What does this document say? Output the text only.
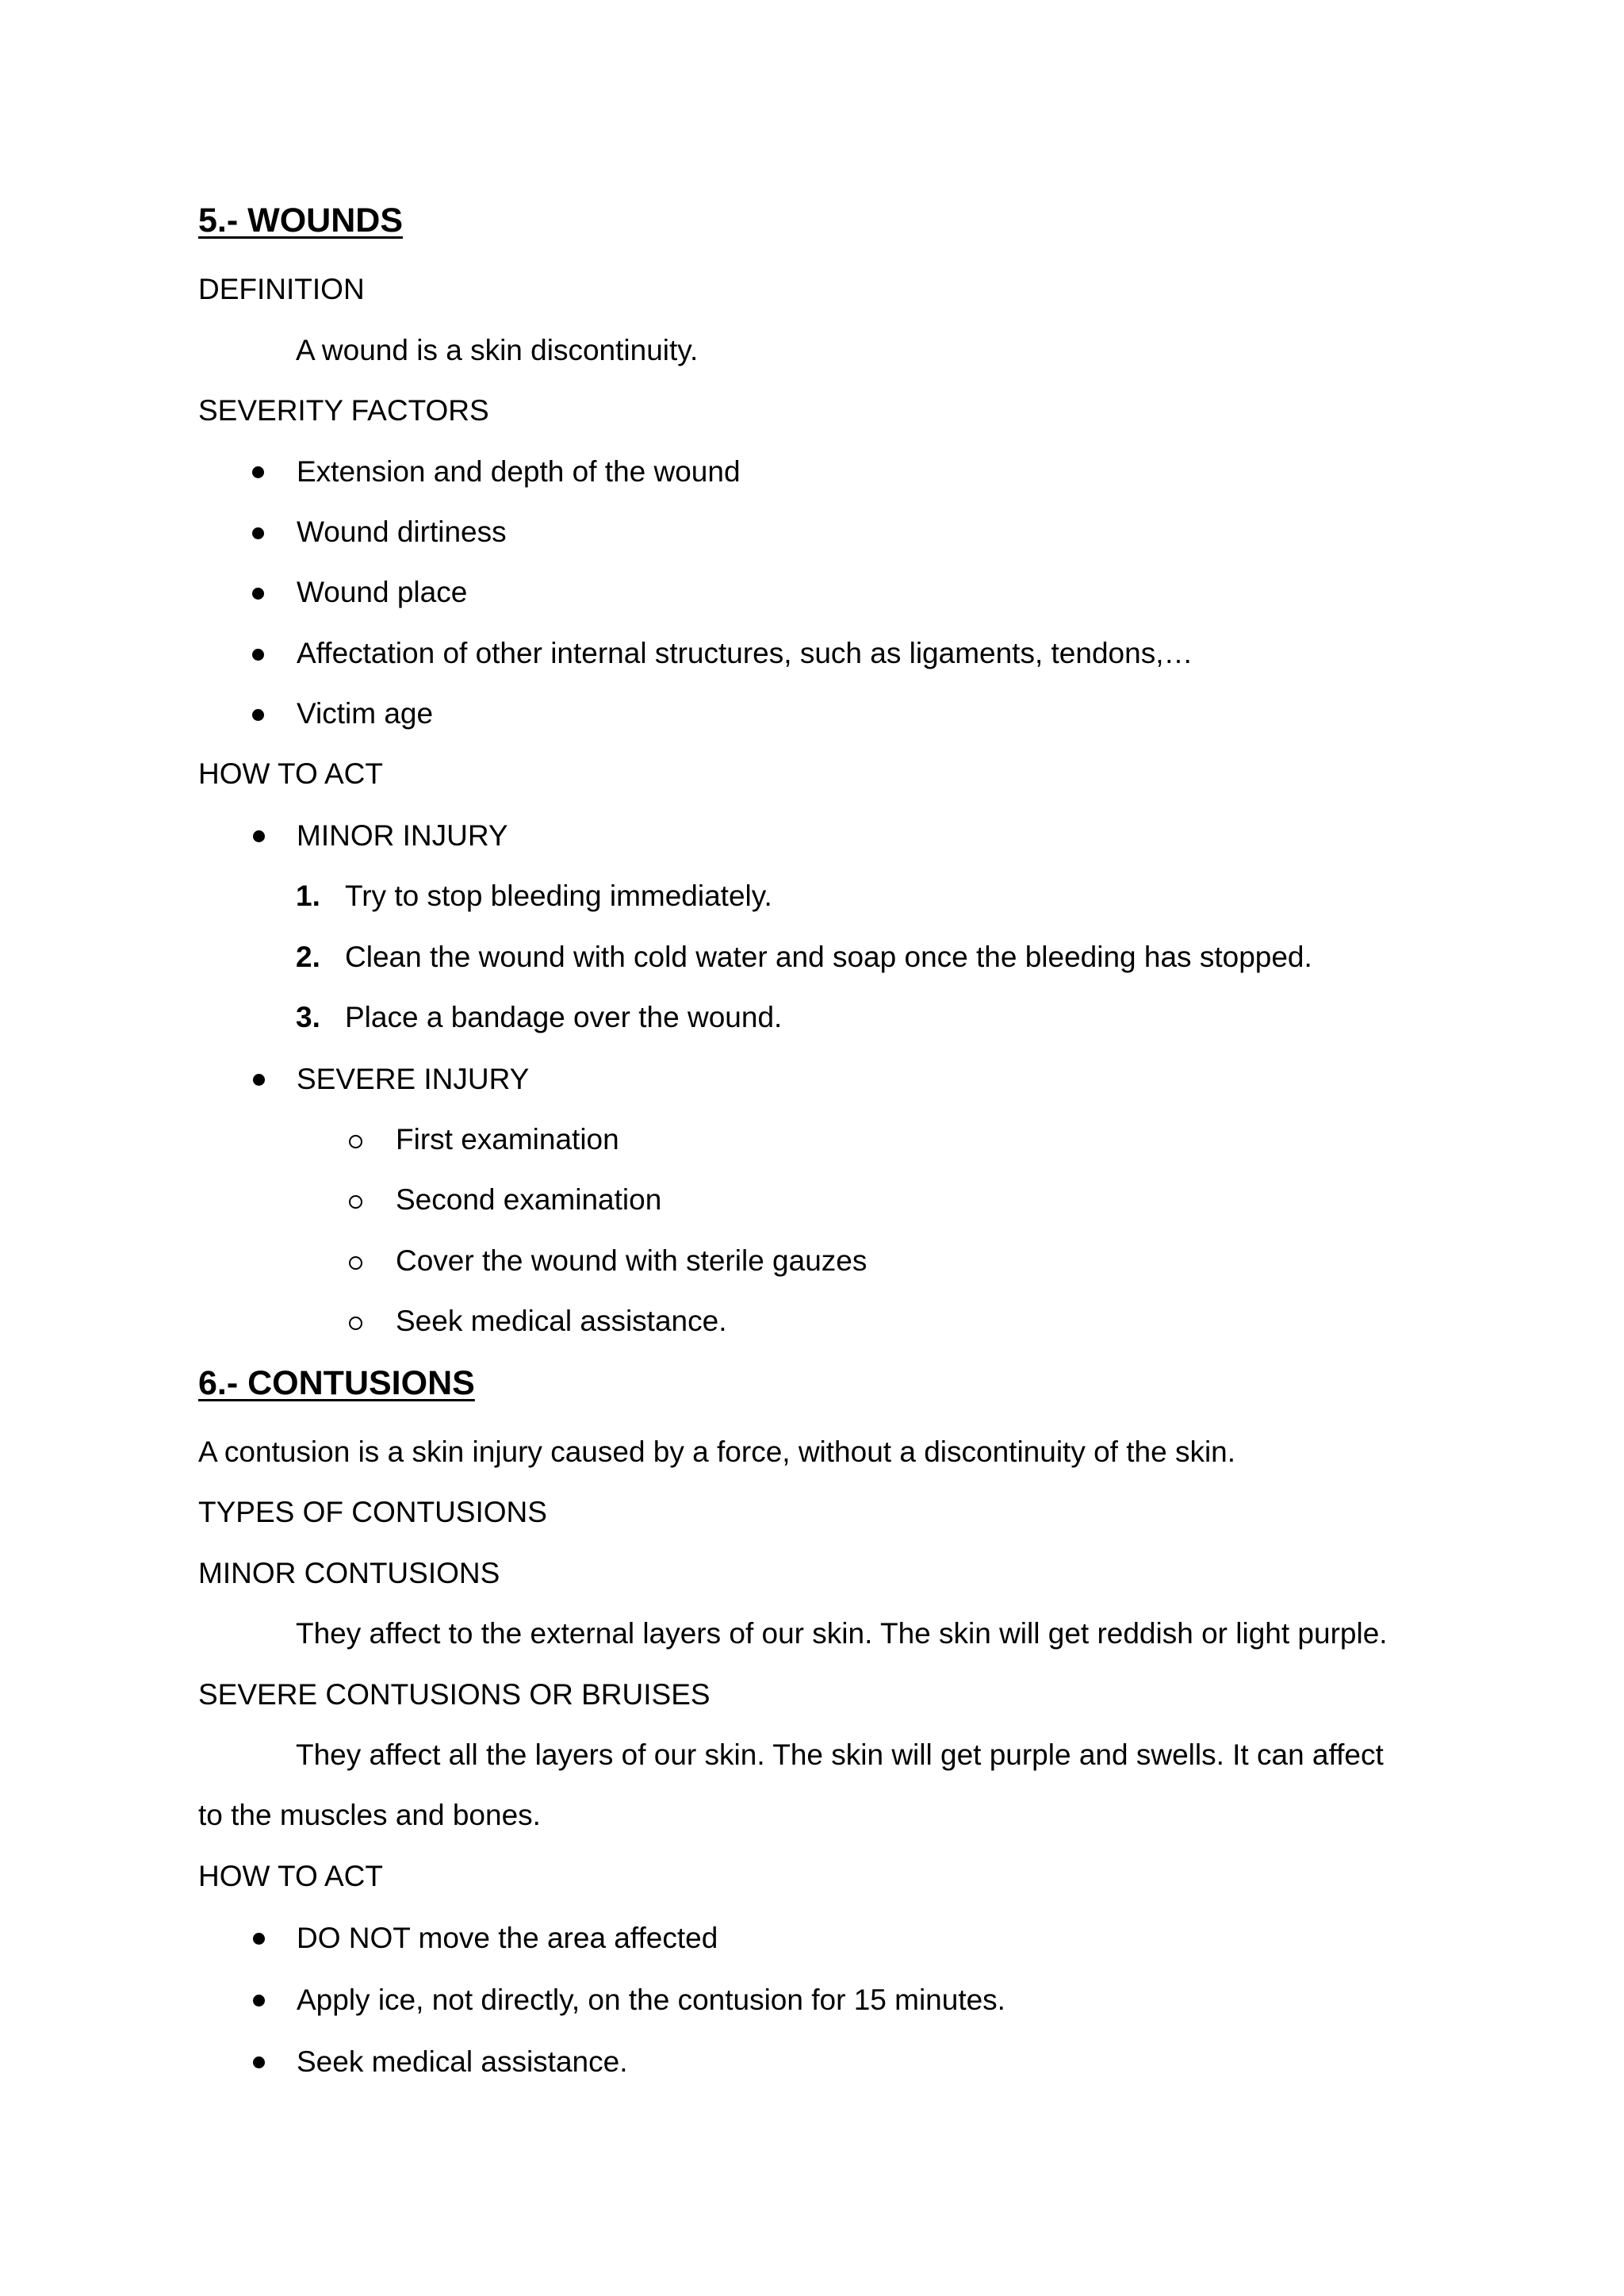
5.- WOUNDS
DEFINITION
A wound is a skin discontinuity.
SEVERITY FACTORS
Extension and depth of the wound
Wound dirtiness
Wound place
Affectation of other internal structures, such as ligaments, tendons,…
Victim age
HOW TO ACT
MINOR INJURY
1. Try to stop bleeding immediately.
2. Clean the wound with cold water and soap once the bleeding has stopped.
3. Place a bandage over the wound.
SEVERE INJURY
First examination
Second examination
Cover the wound with sterile gauzes
Seek medical assistance.
6.- CONTUSIONS
A contusion is a skin injury caused by a force, without a discontinuity of the skin.
TYPES OF CONTUSIONS
MINOR CONTUSIONS
They affect to the external layers of our skin. The skin will get reddish or light purple.
SEVERE CONTUSIONS OR BRUISES
They affect all the layers of our skin. The skin will get purple and swells. It can affect
to the muscles and bones.
HOW TO ACT
DO NOT move the area affected
Apply ice, not directly, on the contusion for 15 minutes.
Seek medical assistance.
